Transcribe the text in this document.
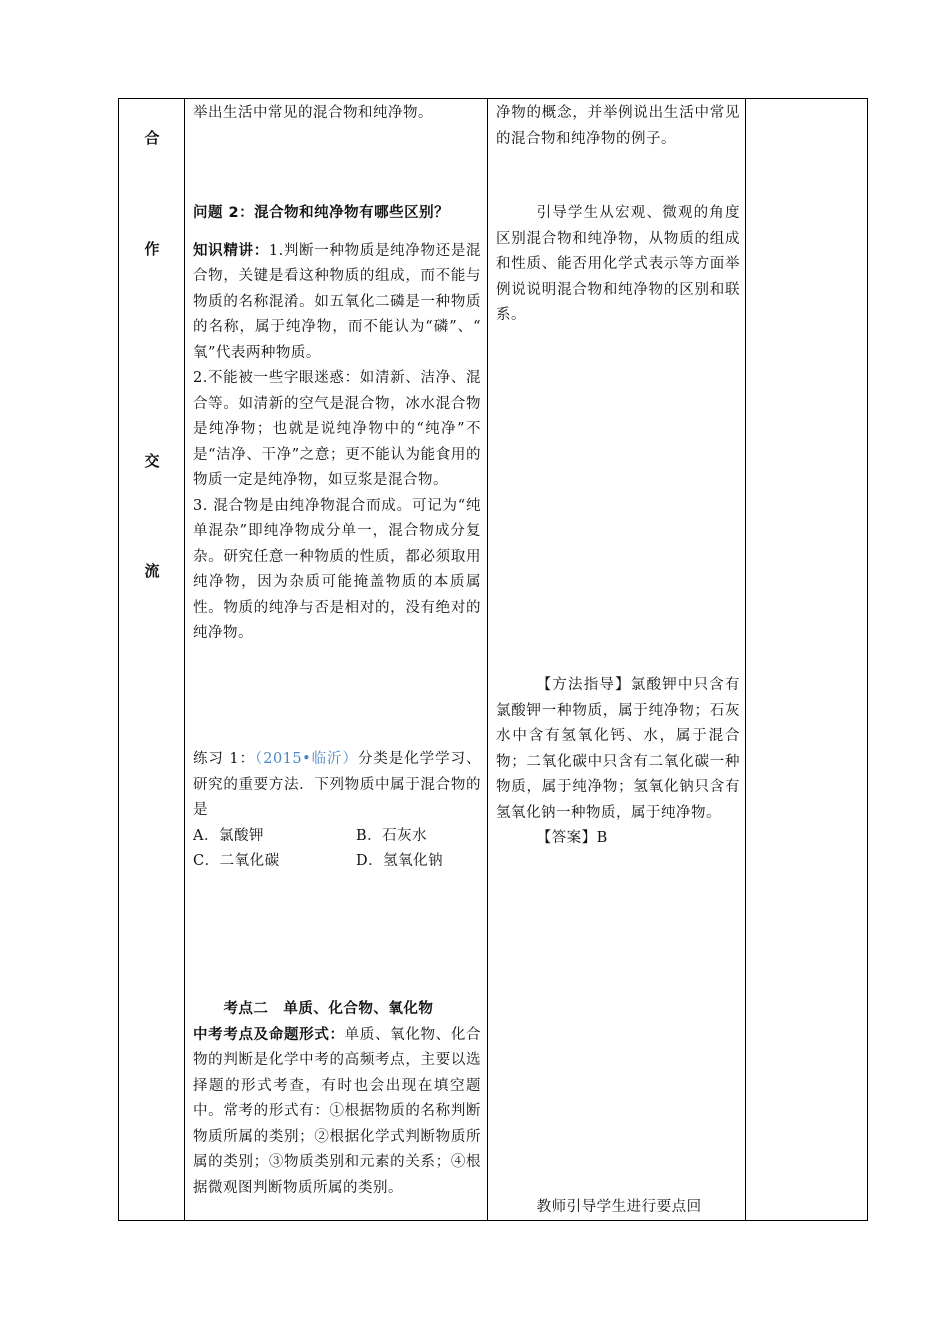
合
作
交
流

举出生活中常见的混合物和纯净物。

问题 2：混合物和纯净物有哪些区别？

知识精讲：1.判断一种物质是纯净物还是混合物，关键是看这种物质的组成，而不能与物质的名称混淆。如五氧化二磷是一种物质的名称，属于纯净物，而不能认为“磷”、“ 氧”代表两种物质。

2.不能被一些字眼迷惑：如清新、洁净、混合等。如清新的空气是混合物，冰水混合物是纯净物；也就是说纯净物中的“纯净”不是“洁净、干净”之意；更不能认为能食用的物质一定是纯净物，如豆浆是混合物。

3. 混合物是由纯净物混合而成。可记为“纯单混杂”即纯净物成分单一，混合物成分复杂。研究任意一种物质的性质，都必须取用纯净物，因为杂质可能掩盖物质的本质属性。物质的纯净与否是相对的，没有绝对的纯净物。

练习 1：（2015•临沂）分类是化学学习、研究的重要方法．下列物质中属于混合物的是

A．氯酸钾	B．石灰水
C．二氧化碳	D．氢氧化钠

考点二　单质、化合物、氧化物

中考考点及命题形式：单质、氧化物、化合物的判断是化学中考的高频考点，主要以选择题的形式考查，有时也会出现在填空题中。常考的形式有：①根据物质的名称判断物质所属的类别；②根据化学式判断物质所属的类别；③物质类别和元素的关系；④根据微观图判断物质所属的类别。

净物的概念，并举例说出生活中常见的混合物和纯净物的例子。

引导学生从宏观、微观的角度区别混合物和纯净物，从物质的组成和性质、能否用化学式表示等方面举例说说明混合物和纯净物的区别和联系。

【方法指导】氯酸钾中只含有氯酸钾一种物质，属于纯净物；石灰水中含有氢氧化钙、水，属于混合物；二氧化碳中只含有二氧化碳一种物质，属于纯净物；氢氧化钠只含有氢氧化钠一种物质，属于纯净物。

【答案】B

教师引导学生进行要点回
